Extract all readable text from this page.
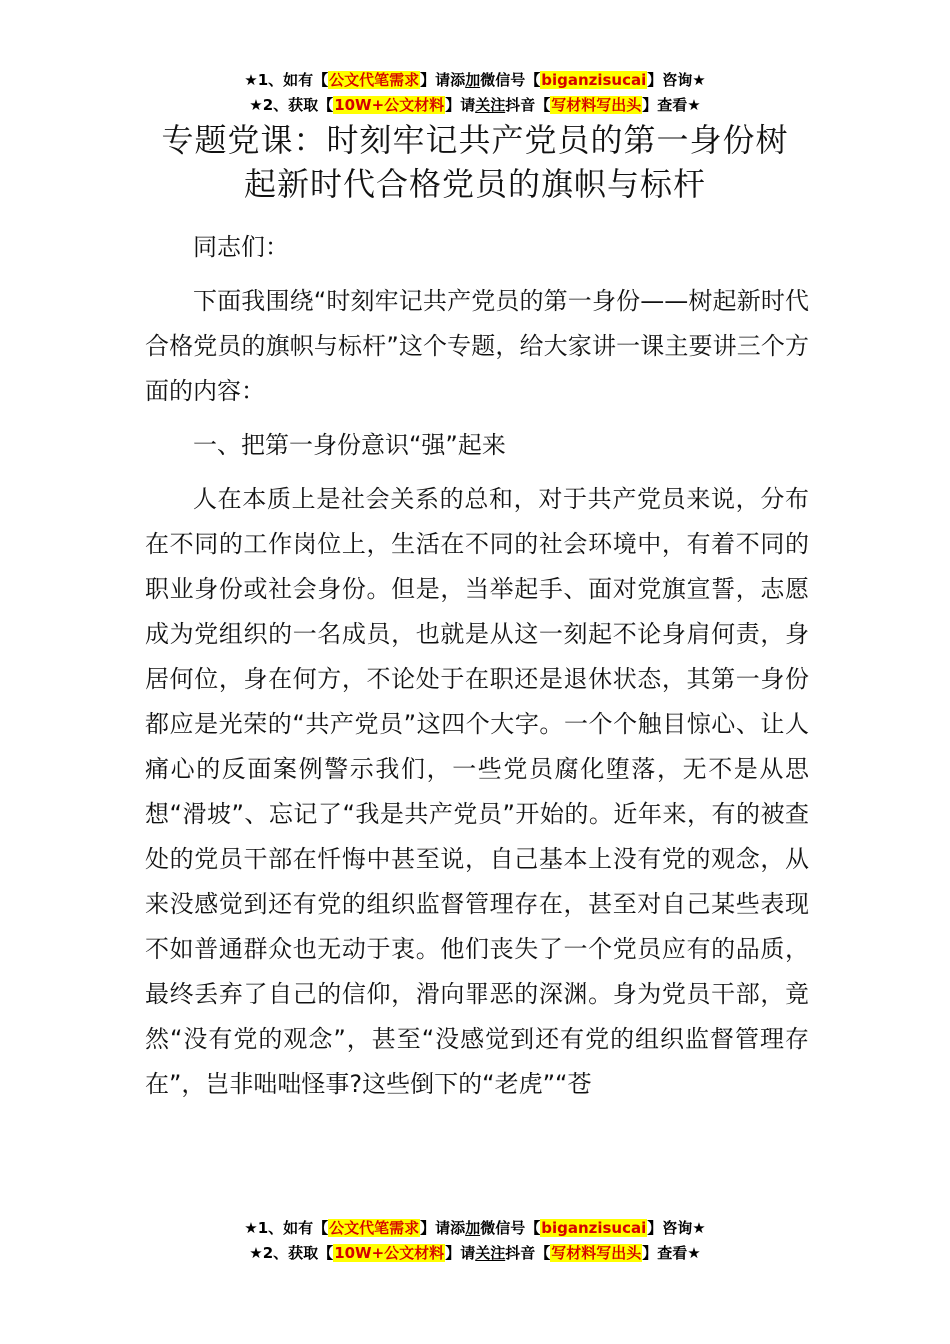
★1、如有【公文代笔需求】请添加微信号【biganzisucai】咨询★
★2、获取【10W+公文材料】请关注抖音【写材料写出头】查看★
专题党课：时刻牢记共产党员的第一身份树
起新时代合格党员的旗帜与标杆

同志们：

下面我围绕“时刻牢记共产党员的第一身份——树起新时代合格党员的旗帜与标杆”这个专题，给大家讲一课主要讲三个方面的内容：

一、把第一身份意识“强”起来

人在本质上是社会关系的总和，对于共产党员来说，分布在不同的工作岗位上，生活在不同的社会环境中，有着不同的职业身份或社会身份。但是，当举起手、面对党旗宣誓，志愿成为党组织的一名成员，也就是从这一刻起不论身肩何责，身居何位，身在何方，不论处于在职还是退休状态，其第一身份都应是光荣的“共产党员”这四个大字。一个个触目惊心、让人痛心的反面案例警示我们，一些党员腐化堕落，无不是从思想“滑坡”、忘记了“我是共产党员”开始的。近年来，有的被查处的党员干部在忏悔中甚至说，自己基本上没有党的观念，从来没感觉到还有党的组织监督管理存在，甚至对自己某些表现不如普通群众也无动于衷。他们丧失了一个党员应有的品质，最终丢弃了自己的信仰，滑向罪恶的深渊。身为党员干部，竟然“没有党的观念”，甚至“没感觉到还有党的组织监督管理存在”，岂非咄咄怪事?这些倒下的“老虎”“苍

★1、如有【公文代笔需求】请添加微信号【biganzisucai】咨询★
★2、获取【10W+公文材料】请关注抖音【写材料写出头】查看★
